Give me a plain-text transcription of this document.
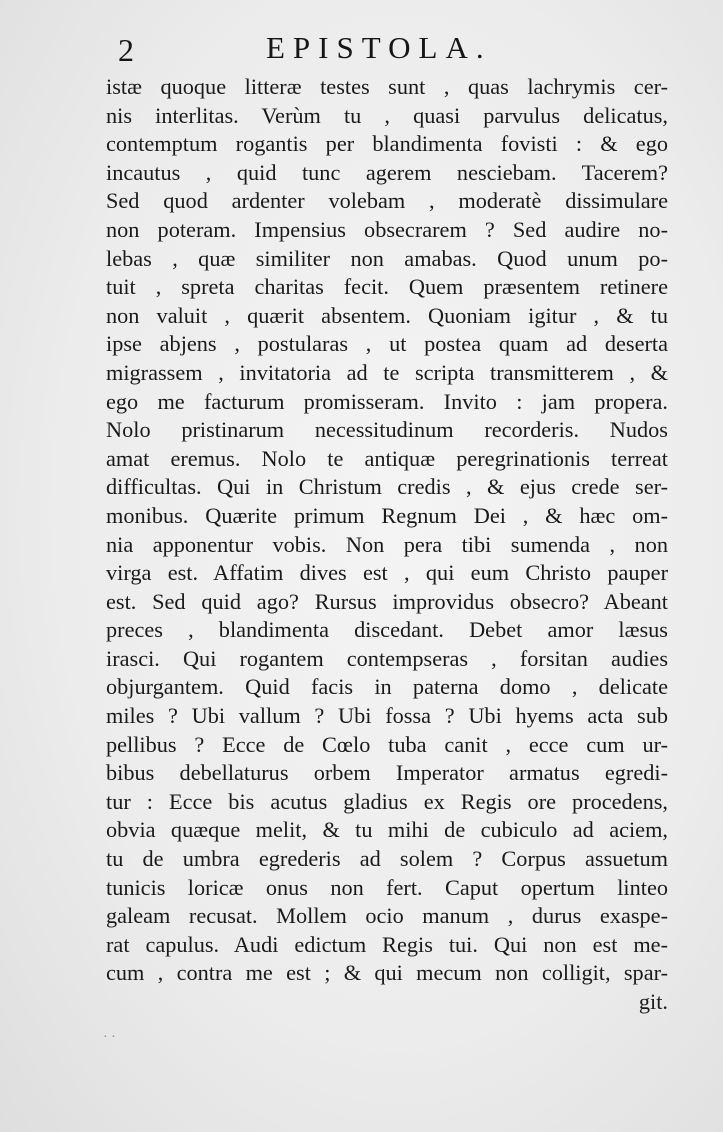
2	EPISTOLA.
istæ quoque litteræ testes sunt , quas lachrymis cer-
nis interlitas. Verùm tu , quasi parvulus delicatus,
contemptum rogantis per blandimenta fovisti : & ego
incautus , quid tunc agerem nesciebam. Tacerem?
Sed quod ardenter volebam , moderatè dissimulare
non poteram. Impensius obsecrarem ? Sed audire no-
lebas , quæ similiter non amabas. Quod unum po-
tuit , spreta charitas fecit. Quem præsentem retinere
non valuit , quærit absentem. Quoniam igitur , & tu
ipse abjens , postularas , ut postea quam ad deserta
migrassem , invitatoria ad te scripta transmitterem , &
ego me facturum promisseram. Invito : jam propera.
Nolo pristinarum necessitudinum recorderis. Nudos
amat eremus. Nolo te antiquæ peregrinationis terreat
difficultas. Qui in Christum credis , & ejus crede ser-
monibus. Quærite primum Regnum Dei , & hæc om-
nia apponentur vobis. Non pera tibi sumenda , non
virga est. Affatim dives est , qui eum Christo pauper
est. Sed quid ago? Rursus improvidus obsecro? Abeant
preces , blandimenta discedant. Debet amor læsus
irasci. Qui rogantem contempseras , forsitan audies
objurgantem. Quid facis in paterna domo , delicate
miles ? Ubi vallum ? Ubi fossa ? Ubi hyems acta sub
pellibus ? Ecce de Cœlo tuba canit , ecce cum ur-
bibus debellaturus orbem Imperator armatus egredi-
tur : Ecce bis acutus gladius ex Regis ore procedens,
obvia quæque melit, & tu mihi de cubiculo ad aciem,
tu de umbra egrederis ad solem ? Corpus assuetum
tunicis loricæ onus non fert. Caput opertum linteo
galeam recusat. Mollem ocio manum , durus exaspe-
rat capulus. Audi edictum Regis tui. Qui non est me-
cum , contra me est ; & qui mecum non colligit, spar-
git.
· ·
